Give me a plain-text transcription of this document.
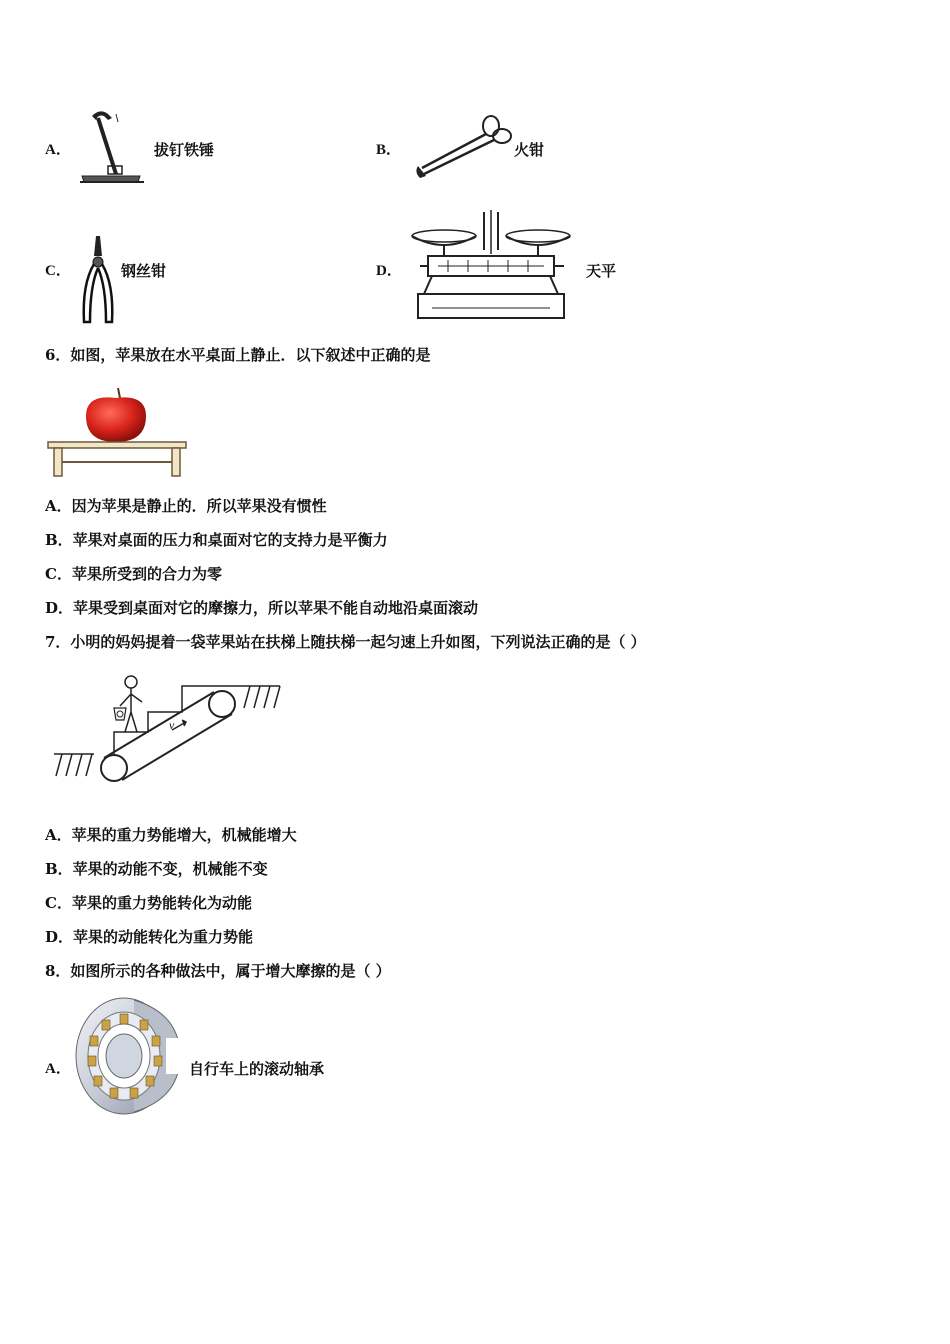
A．	拔钉铁锤	B．	火钳
C．	钢丝钳	D．	天平
6．如图，苹果放在水平桌面上静止．以下叙述中正确的是
A．因为苹果是静止的．所以苹果没有惯性
B．苹果对桌面的压力和桌面对它的支持力是平衡力
C．苹果所受到的合力为零
D．苹果受到桌面对它的摩擦力，所以苹果不能自动地沿桌面滚动
7．小明的妈妈提着一袋苹果站在扶梯上随扶梯一起匀速上升如图，下列说法正确的是（ ）
v
A．苹果的重力势能增大，机械能增大
B．苹果的动能不变，机械能不变
C．苹果的重力势能转化为动能
D．苹果的动能转化为重力势能
8．如图所示的各种做法中，属于增大摩擦的是（ ）
A．	自行车上的滚动轴承
